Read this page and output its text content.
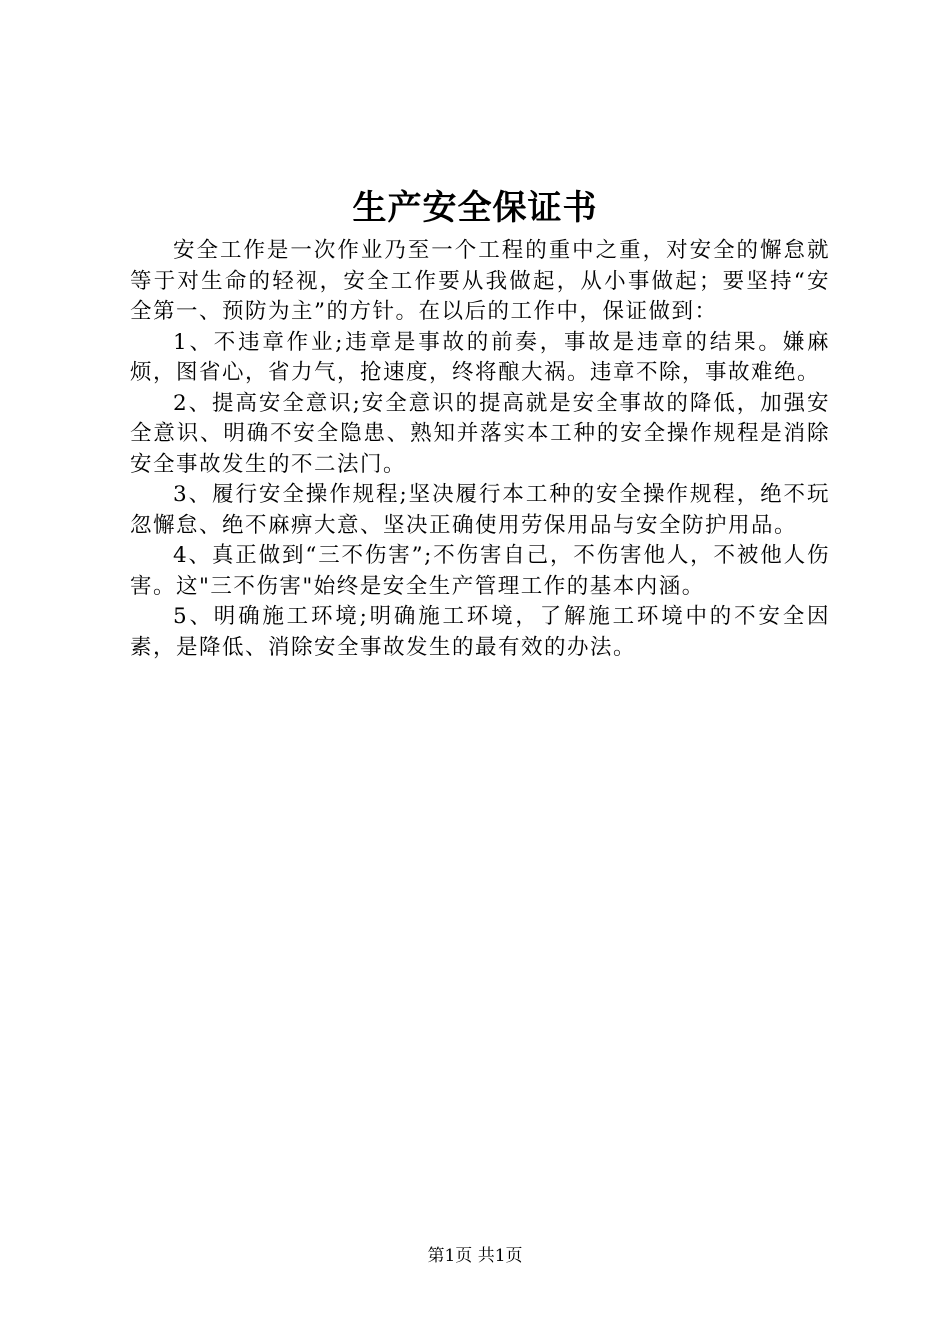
生产安全保证书

安全工作是一次作业乃至一个工程的重中之重，对安全的懈怠就等于对生命的轻视，安全工作要从我做起，从小事做起；要坚持“安全第一、预防为主”的方针。在以后的工作中，保证做到：

1、不违章作业;违章是事故的前奏，事故是违章的结果。嫌麻烦，图省心，省力气，抢速度，终将酿大祸。违章不除，事故难绝。

2、提高安全意识;安全意识的提高就是安全事故的降低，加强安全意识、明确不安全隐患、熟知并落实本工种的安全操作规程是消除安全事故发生的不二法门。

3、履行安全操作规程;坚决履行本工种的安全操作规程，绝不玩忽懈怠、绝不麻痹大意、坚决正确使用劳保用品与安全防护用品。

4、真正做到“三不伤害”;不伤害自己，不伤害他人，不被他人伤害。这"三不伤害"始终是安全生产管理工作的基本内涵。

5、明确施工环境;明确施工环境，了解施工环境中的不安全因素，是降低、消除安全事故发生的最有效的办法。

第1页 共1页
